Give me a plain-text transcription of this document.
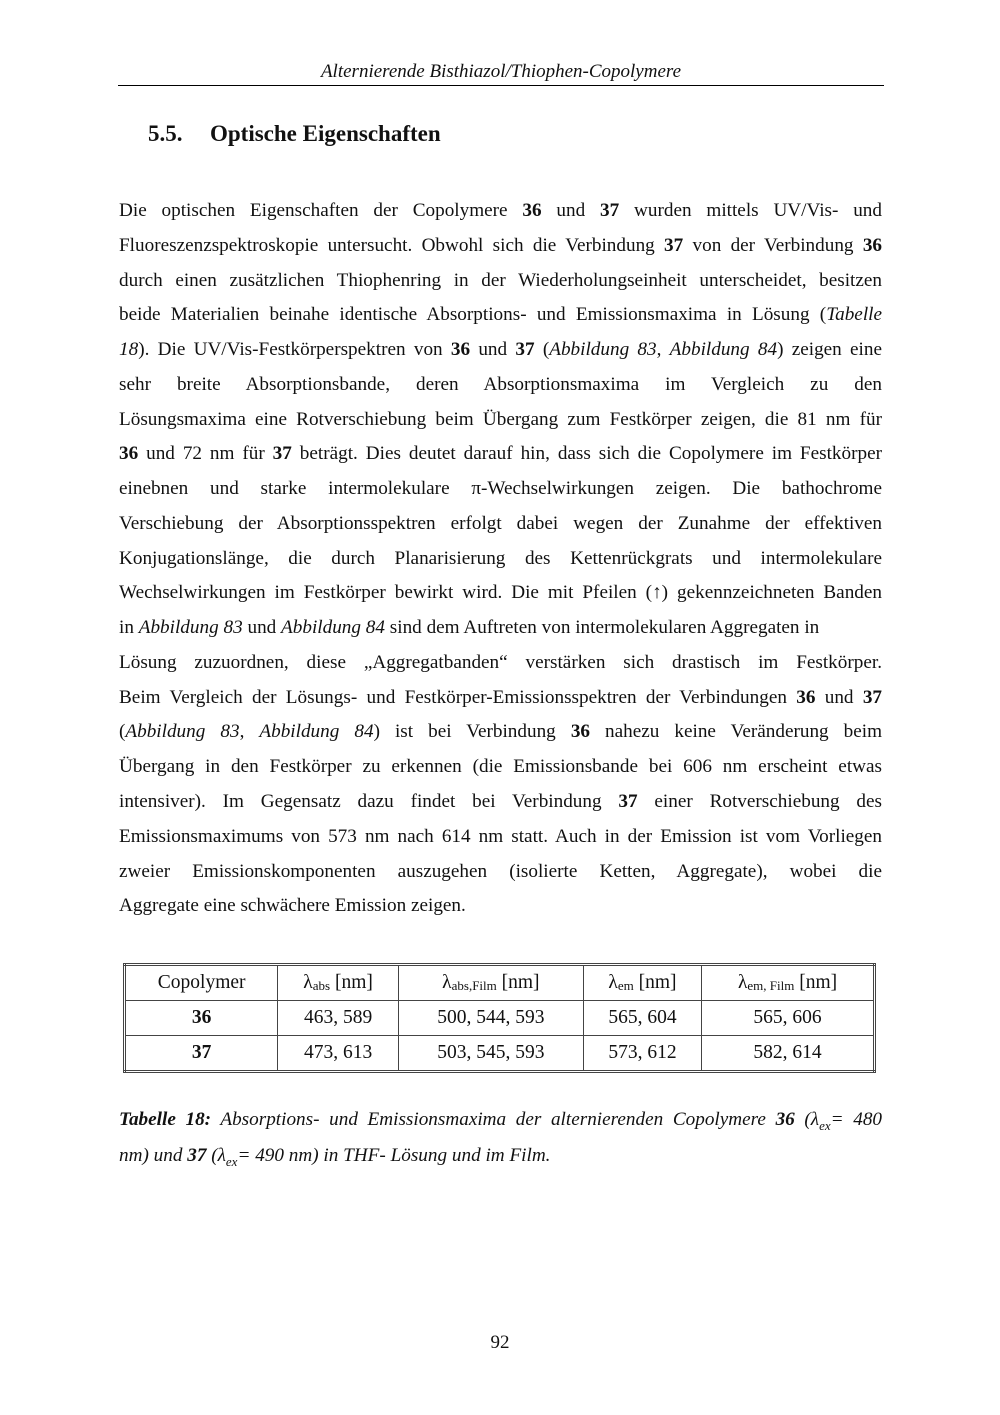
Alternierende Bisthiazol/Thiophen-Copolymere
5.5. Optische Eigenschaften
Die optischen Eigenschaften der Copolymere 36 und 37 wurden mittels UV/Vis- und
Fluoreszenzspektroskopie untersucht. Obwohl sich die Verbindung 37 von der Verbindung 36
durch einen zusätzlichen Thiophenring in der Wiederholungseinheit unterscheidet, besitzen
beide Materialien beinahe identische Absorptions- und Emissionsmaxima in Lösung (Tabelle
18). Die UV/Vis-Festkörperspektren von 36 und 37 (Abbildung 83, Abbildung 84) zeigen eine
sehr breite Absorptionsbande, deren Absorptionsmaxima im Vergleich zu den
Lösungsmaxima eine Rotverschiebung beim Übergang zum Festkörper zeigen, die 81 nm für
36 und 72 nm für 37 beträgt. Dies deutet darauf hin, dass sich die Copolymere im Festkörper
einebnen und starke intermolekulare π-Wechselwirkungen zeigen. Die bathochrome
Verschiebung der Absorptionsspektren erfolgt dabei wegen der Zunahme der effektiven
Konjugationslänge, die durch Planarisierung des Kettenrückgrats und intermolekulare
Wechselwirkungen im Festkörper bewirkt wird. Die mit Pfeilen (↑) gekennzeichneten Banden
in Abbildung 83 und Abbildung 84 sind dem Auftreten von intermolekularen Aggregaten in
Lösung zuzuordnen, diese „Aggregatbanden“ verstärken sich drastisch im Festkörper.
Beim Vergleich der Lösungs- und Festkörper-Emissionsspektren der Verbindungen 36 und 37
(Abbildung 83, Abbildung 84) ist bei Verbindung 36 nahezu keine Veränderung beim
Übergang in den Festkörper zu erkennen (die Emissionsbande bei 606 nm erscheint etwas
intensiver). Im Gegensatz dazu findet bei Verbindung 37 einer Rotverschiebung des
Emissionsmaximums von 573 nm nach 614 nm statt. Auch in der Emission ist vom Vorliegen
zweier Emissionskomponenten auszugehen (isolierte Ketten, Aggregate), wobei die
Aggregate eine schwächere Emission zeigen.
Copolymer	$\lambda_{abs}$ [nm]	$\lambda_{abs,Film}$ [nm]	$\lambda_{em}$ [nm]	$\lambda_{em, Film}$ [nm]
36	463, 589	500, 544, 593	565, 604	565, 606
37	473, 613	503, 545, 593	573, 612	582, 614
Tabelle 18: Absorptions- und Emissionsmaxima der alternierenden Copolymere 36 ($\lambda_{ex}= 480$
nm) und 37 ($\lambda_{ex}= 490$ nm) in THF- Lösung und im Film.
92
